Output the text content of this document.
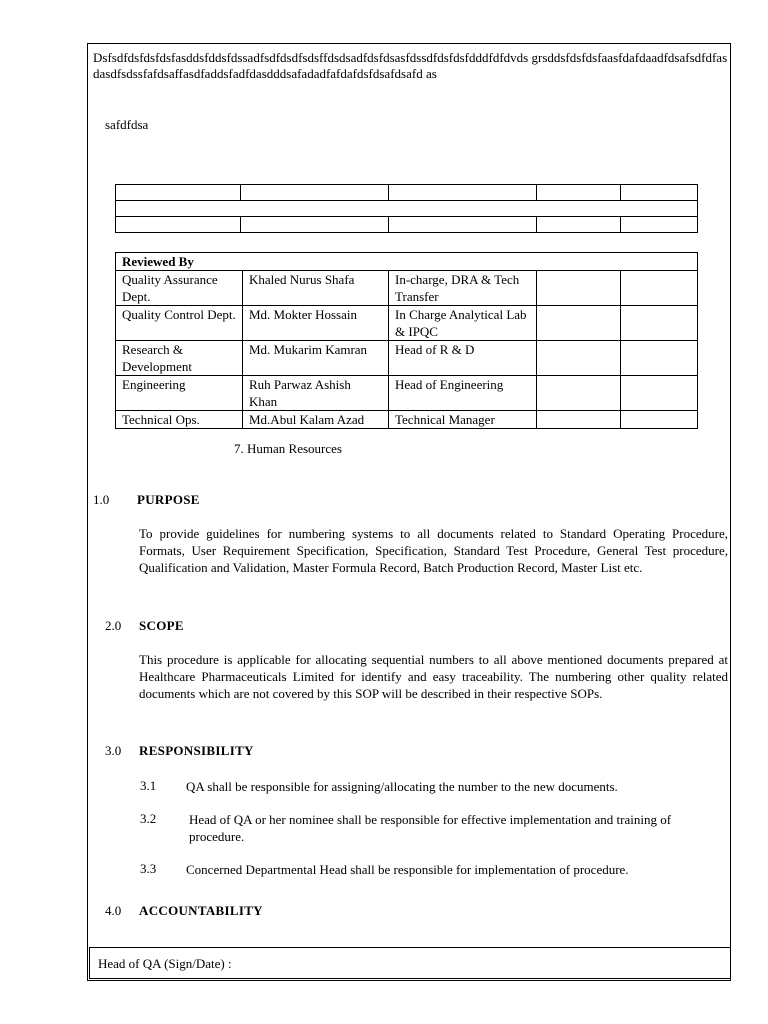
Dsfsdfdsfdsfdsfasddsfddsfdssadfsdfdsdfsdsffdsdsadfdsfdsasfdssdfdsfdsfdddfdfdvds grsddsfdsfdsfaasfdafdaadfdsafsdfdfasdasdfsdssfafdsaffasdfaddsfadfdasdddsafadadfafdafdsfdsafdsafd as
safdfdsa

Reviewed By				
Quality Assurance Dept.	Khaled Nurus Shafa	In-charge, DRA & Tech Transfer		
Quality Control Dept.	Md. Mokter Hossain	In Charge Analytical Lab & IPQC		
Research & Development	Md. Mukarim Kamran	Head of R & D		
Engineering	Ruh Parwaz Ashish Khan	Head of Engineering		
Technical Ops.	Md.Abul Kalam Azad	Technical Manager		
7. Human Resources
1.0 PURPOSE
To provide guidelines for numbering systems to all documents related to Standard Operating Procedure, Formats, User Requirement Specification, Specification, Standard Test Procedure, General Test procedure, Qualification and Validation, Master Formula Record, Batch Production Record, Master List etc.
2.0 SCOPE
This procedure is applicable for allocating sequential numbers to all above mentioned documents prepared at Healthcare Pharmaceuticals Limited for identify and easy traceability. The numbering other quality related documents which are not covered by this SOP will be described in their respective SOPs.
3.0 RESPONSIBILITY
3.1 QA shall be responsible for assigning/allocating the number to the new documents.
3.2	Head of QA or her nominee shall be responsible for effective implementation and training of procedure.
3.3 Concerned Departmental Head shall be responsible for implementation of procedure.
4.0 ACCOUNTABILITY
Head of QA (Sign/Date) :
